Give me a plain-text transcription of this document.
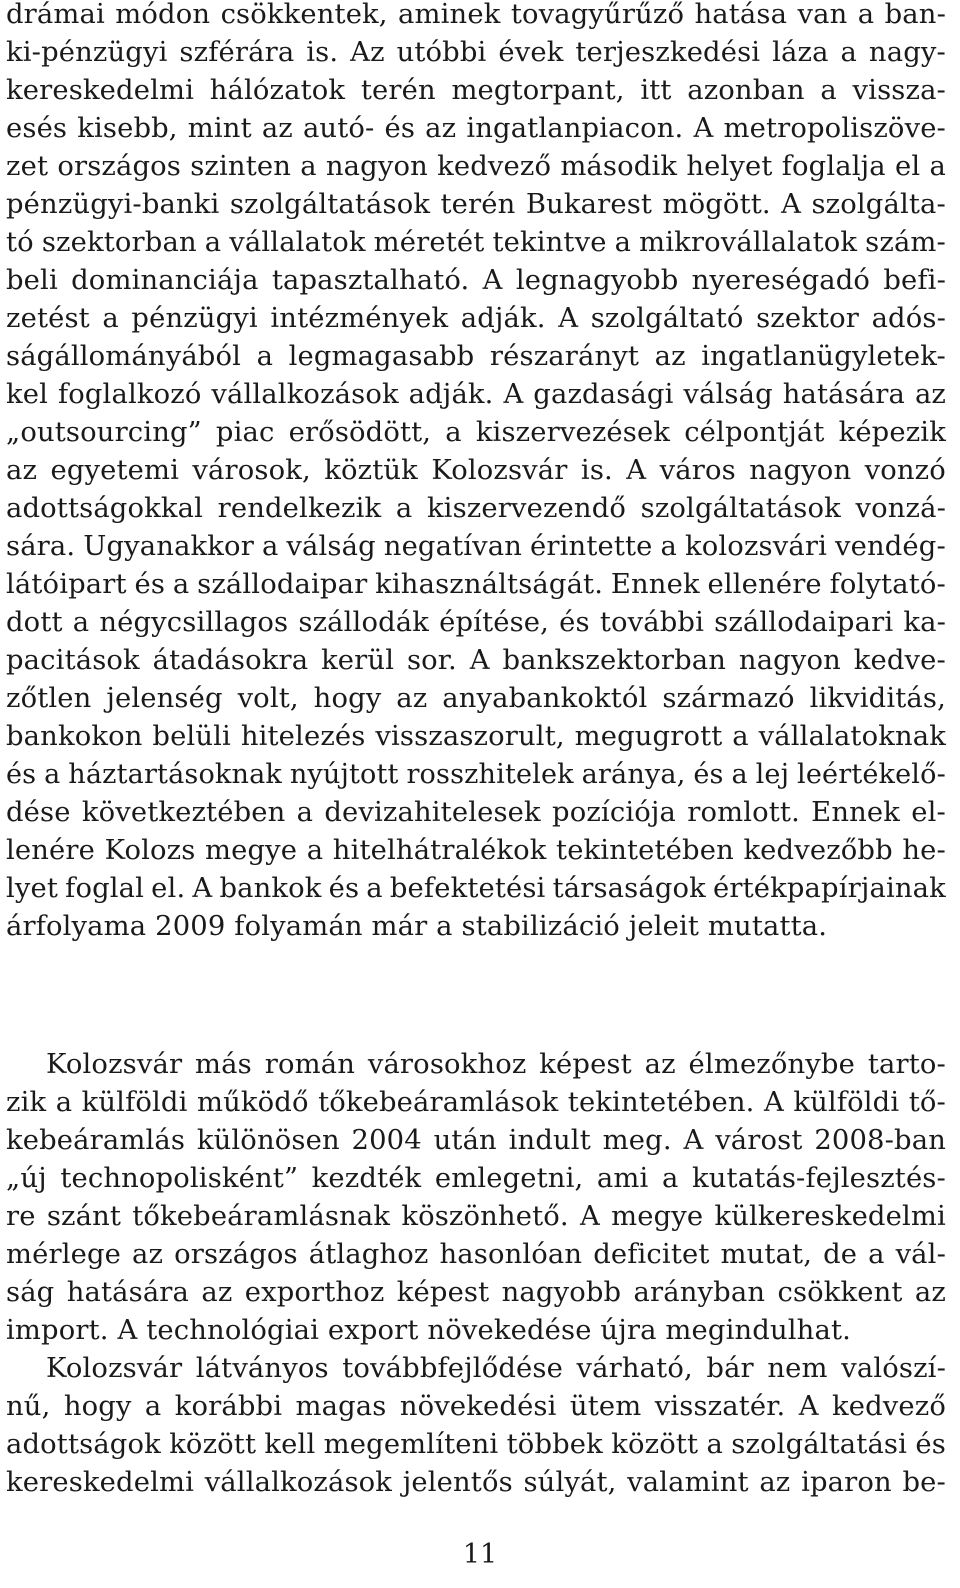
drámai módon csökkentek, aminek tovagyűrűző hatása van a ban-
ki-pénzügyi szférára is. Az utóbbi évek terjeszkedési láza a nagy-
kereskedelmi hálózatok terén megtorpant, itt azonban a vissza-
esés kisebb, mint az autó- és az ingatlanpiacon. A metropoliszöve-
zet országos szinten a nagyon kedvező második helyet foglalja el a
pénzügyi-banki szolgáltatások terén Bukarest mögött. A szolgálta-
tó szektorban a vállalatok méretét tekintve a mikrovállalatok szám-
beli dominanciája tapasztalható. A legnagyobb nyereségadó befi-
zetést a pénzügyi intézmények adják. A szolgáltató szektor adós-
ságállományából a legmagasabb részarányt az ingatlanügyletek-
kel foglalkozó vállalkozások adják. A gazdasági válság hatására az
„outsourcing” piac erősödött, a kiszervezések célpontját képezik
az egyetemi városok, köztük Kolozsvár is. A város nagyon vonzó
adottságokkal rendelkezik a kiszervezendő szolgáltatások vonzá-
sára. Ugyanakkor a válság negatívan érintette a kolozsvári vendég-
látóipart és a szállodaipar kihasználtságát. Ennek ellenére folytató-
dott a négycsillagos szállodák építése, és további szállodaipari ka-
pacitások átadásokra kerül sor. A bankszektorban nagyon kedve-
zőtlen jelenség volt, hogy az anyabankoktól származó likviditás,
bankokon belüli hitelezés visszaszorult, megugrott a vállalatoknak
és a háztartásoknak nyújtott rosszhitelek aránya, és a lej leértékelő-
dése következtében a devizahitelesek pozíciója romlott. Ennek el-
lenére Kolozs megye a hitelhátralékok tekintetében kedvezőbb he-
lyet foglal el. A bankok és a befektetési társaságok értékpapírjainak
árfolyama 2009 folyamán már a stabilizáció jeleit mutatta.
Kolozsvár más román városokhoz képest az élmezőnybe tarto-
zik a külföldi működő tőkebeáramlások tekintetében. A külföldi tő-
kebeáramlás különösen 2004 után indult meg. A várost 2008-ban
„új technopolisként” kezdték emlegetni, ami a kutatás-fejlesztés-
re szánt tőkebeáramlásnak köszönhető. A megye külkereskedelmi
mérlege az országos átlaghoz hasonlóan deficitet mutat, de a vál-
ság hatására az exporthoz képest nagyobb arányban csökkent az
import. A technológiai export növekedése újra megindulhat.
Kolozsvár látványos továbbfejlődése várható, bár nem valószí-
nű, hogy a korábbi magas növekedési ütem visszatér. A kedvező
adottságok között kell megemlíteni többek között a szolgáltatási és
kereskedelmi vállalkozások jelentős súlyát, valamint az iparon be-
11
